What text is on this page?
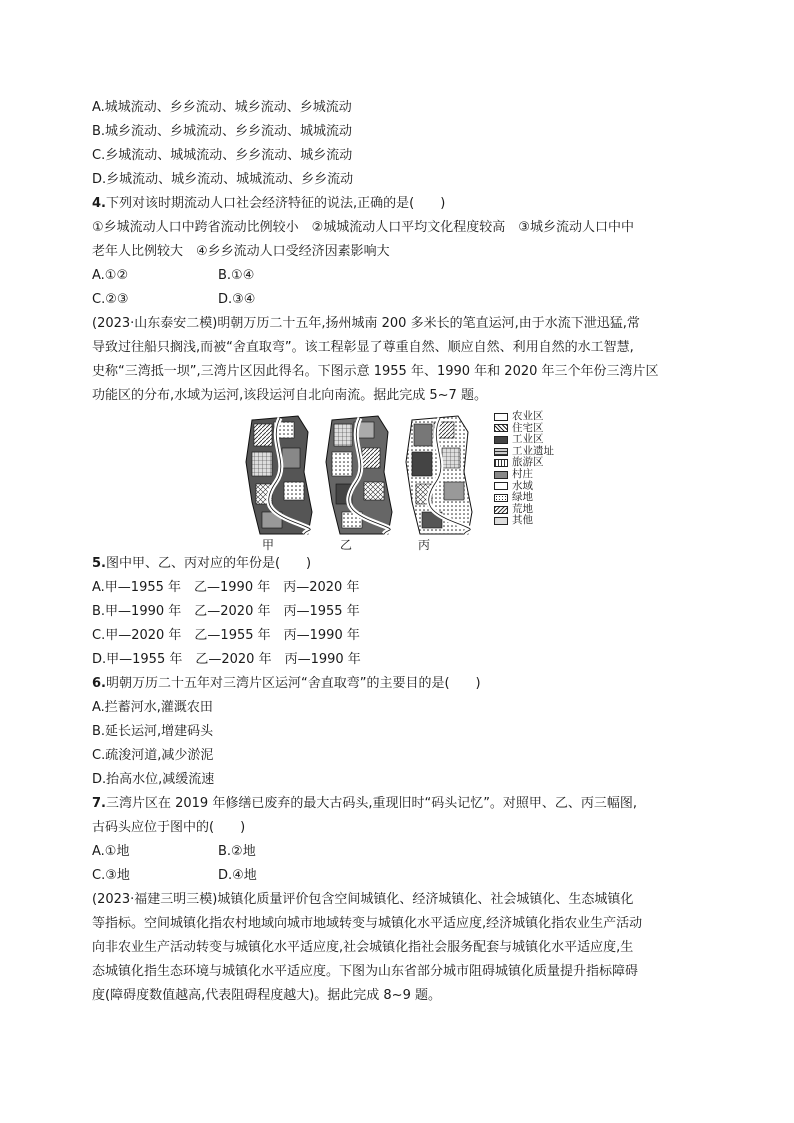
A.城城流动、乡乡流动、城乡流动、乡城流动
B.城乡流动、乡城流动、乡乡流动、城城流动
C.乡城流动、城城流动、乡乡流动、城乡流动
D.乡城流动、城乡流动、城城流动、乡乡流动
4.下列对该时期流动人口社会经济特征的说法,正确的是(　　)
①乡城流动人口中跨省流动比例较小　②城城流动人口平均文化程度较高　③城乡流动人口中中
老年人比例较大　④乡乡流动人口受经济因素影响大
A.①②	B.①④
C.②③	D.③④
(2023·山东泰安二模)明朝万历二十五年,扬州城南 200 多米长的笔直运河,由于水流下泄迅猛,常
导致过往船只搁浅,而被“舍直取弯”。该工程彰显了尊重自然、顺应自然、利用自然的水工智慧,
史称“三湾抵一坝”,三湾片区因此得名。下图示意 1955 年、1990 年和 2020 年三个年份三湾片区
功能区的分布,水域为运河,该段运河自北向南流。据此完成 5~7 题。
甲	乙	丙
农业区
住宅区
工业区
工业遗址
旅游区
村庄
水域
绿地
荒地
其他
5.图中甲、乙、丙对应的年份是(　　)
A.甲—1955 年　乙—1990 年　丙—2020 年
B.甲—1990 年　乙—2020 年　丙—1955 年
C.甲—2020 年　乙—1955 年　丙—1990 年
D.甲—1955 年　乙—2020 年　丙—1990 年
6.明朝万历二十五年对三湾片区运河“舍直取弯”的主要目的是(　　)
A.拦蓄河水,灌溉农田
B.延长运河,增建码头
C.疏浚河道,减少淤泥
D.抬高水位,减缓流速
7.三湾片区在 2019 年修缮已废弃的最大古码头,重现旧时“码头记忆”。对照甲、乙、丙三幅图,
古码头应位于图中的(　　)
A.①地	B.②地
C.③地	D.④地
(2023·福建三明三模)城镇化质量评价包含空间城镇化、经济城镇化、社会城镇化、生态城镇化
等指标。空间城镇化指农村地域向城市地域转变与城镇化水平适应度,经济城镇化指农业生产活动
向非农业生产活动转变与城镇化水平适应度,社会城镇化指社会服务配套与城镇化水平适应度,生
态城镇化指生态环境与城镇化水平适应度。下图为山东省部分城市阻碍城镇化质量提升指标障碍
度(障碍度数值越高,代表阻碍程度越大)。据此完成 8~9 题。
